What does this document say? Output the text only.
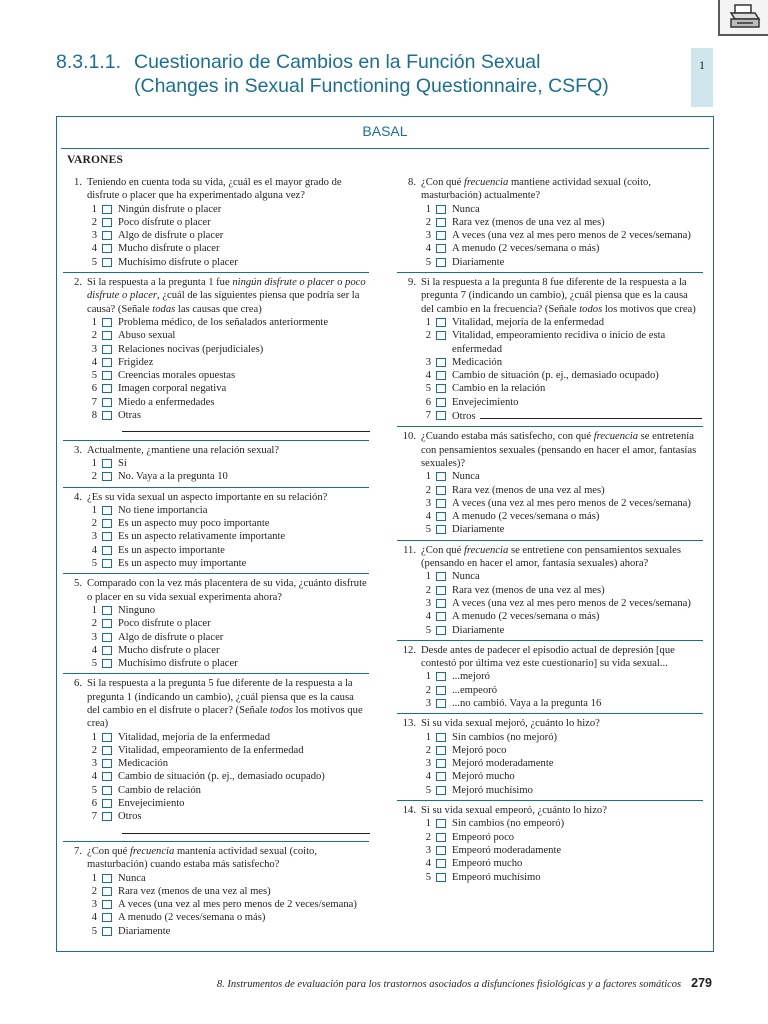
8.3.1.1. Cuestionario de Cambios en la Función Sexual
(Changes in Sexual Functioning Questionnaire, CSFQ)
1
BASAL
VARONES
1. Teniendo en cuenta toda su vida, ¿cuál es el mayor grado de disfrute o placer que ha experimentado alguna vez?
1 Ningún disfrute o placer
2 Poco disfrute o placer
3 Algo de disfrute o placer
4 Mucho disfrute o placer
5 Muchísimo disfrute o placer
2. Si la respuesta a la pregunta 1 fue ningún disfrute o placer o poco disfrute o placer, ¿cuál de las siguientes piensa que podría ser la causa? (Señale todas las causas que crea)
1 Problema médico, de los señalados anteriormente
2 Abuso sexual
3 Relaciones nocivas (perjudiciales)
4 Frigidez
5 Creencias morales opuestas
6 Imagen corporal negativa
7 Miedo a enfermedades
8 Otras
3. Actualmente, ¿mantiene una relación sexual?
1 Sí
2 No. Vaya a la pregunta 10
4. ¿Es su vida sexual un aspecto importante en su relación?
1 No tiene importancia
2 Es un aspecto muy poco importante
3 Es un aspecto relativamente importante
4 Es un aspecto importante
5 Es un aspecto muy importante
5. Comparado con la vez más placentera de su vida, ¿cuánto disfrute o placer en su vida sexual experimenta ahora?
1 Ninguno
2 Poco disfrute o placer
3 Algo de disfrute o placer
4 Mucho disfrute o placer
5 Muchísimo disfrute o placer
6. Si la respuesta a la pregunta 5 fue diferente de la respuesta a la pregunta 1 (indicando un cambio), ¿cuál piensa que es la causa del cambio en el disfrute o placer? (Señale todos los motivos que crea)
1 Vitalidad, mejoría de la enfermedad
2 Vitalidad, empeoramiento de la enfermedad
3 Medicación
4 Cambio de situación (p. ej., demasiado ocupado)
5 Cambio de relación
6 Envejecimiento
7 Otros
7. ¿Con qué frecuencia mantenía actividad sexual (coito, masturbación) cuando estaba más satisfecho?
1 Nunca
2 Rara vez (menos de una vez al mes)
3 A veces (una vez al mes pero menos de 2 veces/semana)
4 A menudo (2 veces/semana o más)
5 Diariamente
8. ¿Con qué frecuencia mantiene actividad sexual (coito, masturbación) actualmente?
1 Nunca
2 Rara vez (menos de una vez al mes)
3 A veces (una vez al mes pero menos de 2 veces/semana)
4 A menudo (2 veces/semana o más)
5 Diariamente
9. Si la respuesta a la pregunta 8 fue diferente de la respuesta a la pregunta 7 (indicando un cambio), ¿cuál piensa que es la causa del cambio en la frecuencia? (Señale todos los motivos que crea)
1 Vitalidad, mejoría de la enfermedad
2 Vitalidad, empeoramiento recidiva o inicio de esta enfermedad
3 Medicación
4 Cambio de situación (p. ej., demasiado ocupado)
5 Cambio en la relación
6 Envejecimiento
7 Otros
10. ¿Cuando estaba más satisfecho, con qué frecuencia se entretenía con pensamientos sexuales (pensando en hacer el amor, fantasías sexuales)?
1 Nunca
2 Rara vez (menos de una vez al mes)
3 A veces (una vez al mes pero menos de 2 veces/semana)
4 A menudo (2 veces/semana o más)
5 Diariamente
11. ¿Con qué frecuencia se entretiene con pensamientos sexuales (pensando en hacer el amor, fantasía sexuales) ahora?
1 Nunca
2 Rara vez (menos de una vez al mes)
3 A veces (una vez al mes pero menos de 2 veces/semana)
4 A menudo (2 veces/semana o más)
5 Diariamente
12. Desde antes de padecer el episodio actual de depresión [que contestó por última vez este cuestionario] su vida sexual...
1 ...mejoró
2 ...empeoró
3 ...no cambió. Vaya a la pregunta 16
13. Si su vida sexual mejoró, ¿cuánto lo hizo?
1 Sin cambios (no mejoró)
2 Mejoró poco
3 Mejoró moderadamente
4 Mejoró mucho
5 Mejoró muchísimo
14. Si su vida sexual empeoró, ¿cuánto lo hizo?
1 Sin cambios (no empeoró)
2 Empeoró poco
3 Empeoró moderadamente
4 Empeoró mucho
5 Empeoró muchísimo
8. Instrumentos de evaluación para los trastornos asociados a disfunciones fisiológicas y a factores somáticos 279
